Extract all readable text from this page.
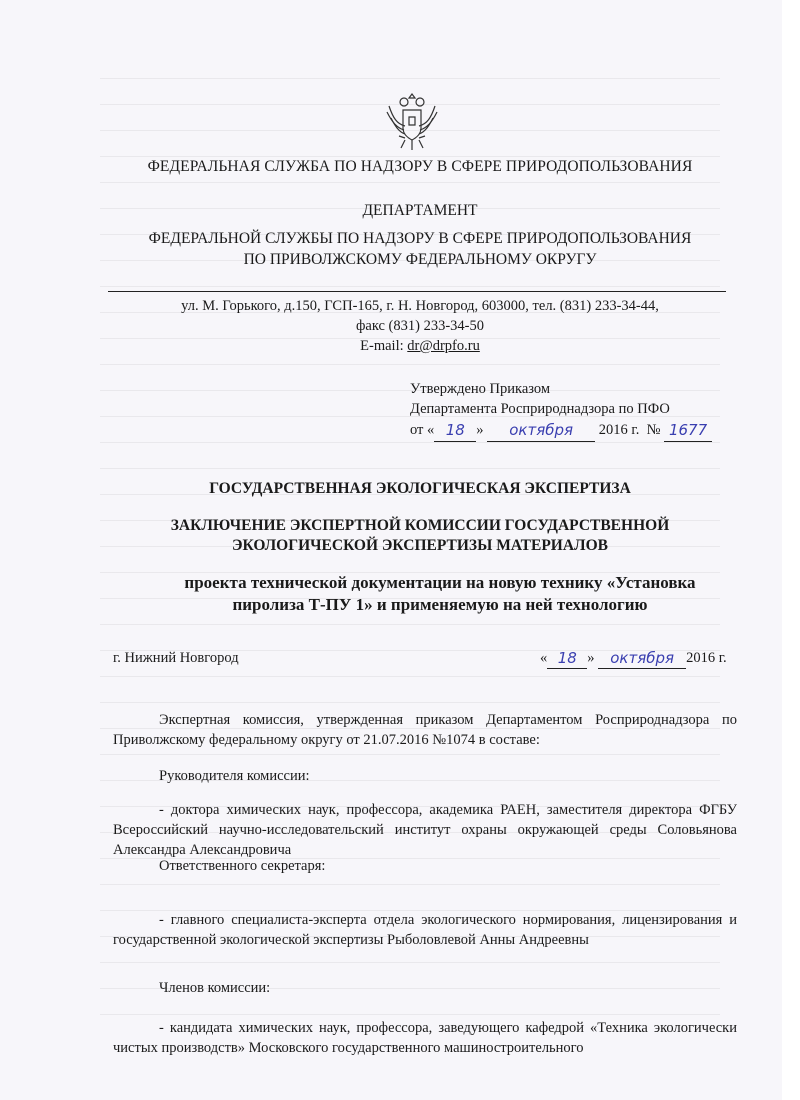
ФЕДЕРАЛЬНАЯ СЛУЖБА ПО НАДЗОРУ В СФЕРЕ ПРИРОДОПОЛЬЗОВАНИЯ
ДЕПАРТАМЕНТ
ФЕДЕРАЛЬНОЙ СЛУЖБЫ ПО НАДЗОРУ В СФЕРЕ ПРИРОДОПОЛЬЗОВАНИЯ
ПО ПРИВОЛЖСКОМУ ФЕДЕРАЛЬНОМУ ОКРУГУ
ул. М. Горького, д.150, ГСП-165, г. Н. Новгород, 603000, тел. (831) 233-34-44,
факс (831) 233-34-50
E-mail: dr@drpfo.ru
Утверждено Приказом
Департамента Росприроднадзора по ПФО
от « 18 » октября 2016 г. № 1677
ГОСУДАРСТВЕННАЯ ЭКОЛОГИЧЕСКАЯ ЭКСПЕРТИЗА
ЗАКЛЮЧЕНИЕ ЭКСПЕРТНОЙ КОМИССИИ ГОСУДАРСТВЕННОЙ
ЭКОЛОГИЧЕСКОЙ ЭКСПЕРТИЗЫ МАТЕРИАЛОВ
проекта технической документации на новую технику «Установка
пиролиза Т-ПУ 1» и применяемую на ней технологию
г. Нижний Новгород	« 18 » октября 2016 г.
Экспертная комиссия, утвержденная приказом Департаментом Росприроднадзора по Приволжскому федеральному округу от 21.07.2016 №1074 в составе:
Руководителя комиссии:
- доктора химических наук, профессора, академика РАЕН, заместителя директора ФГБУ Всероссийский научно-исследовательский институт охраны окружающей среды Соловьянова Александра Александровича
Ответственного секретаря:
- главного специалиста-эксперта отдела экологического нормирования, лицензирования и государственной экологической экспертизы Рыболовлевой Анны Андреевны
Членов комиссии:
- кандидата химических наук, профессора, заведующего кафедрой «Техника экологически чистых производств» Московского государственного машиностроительного
